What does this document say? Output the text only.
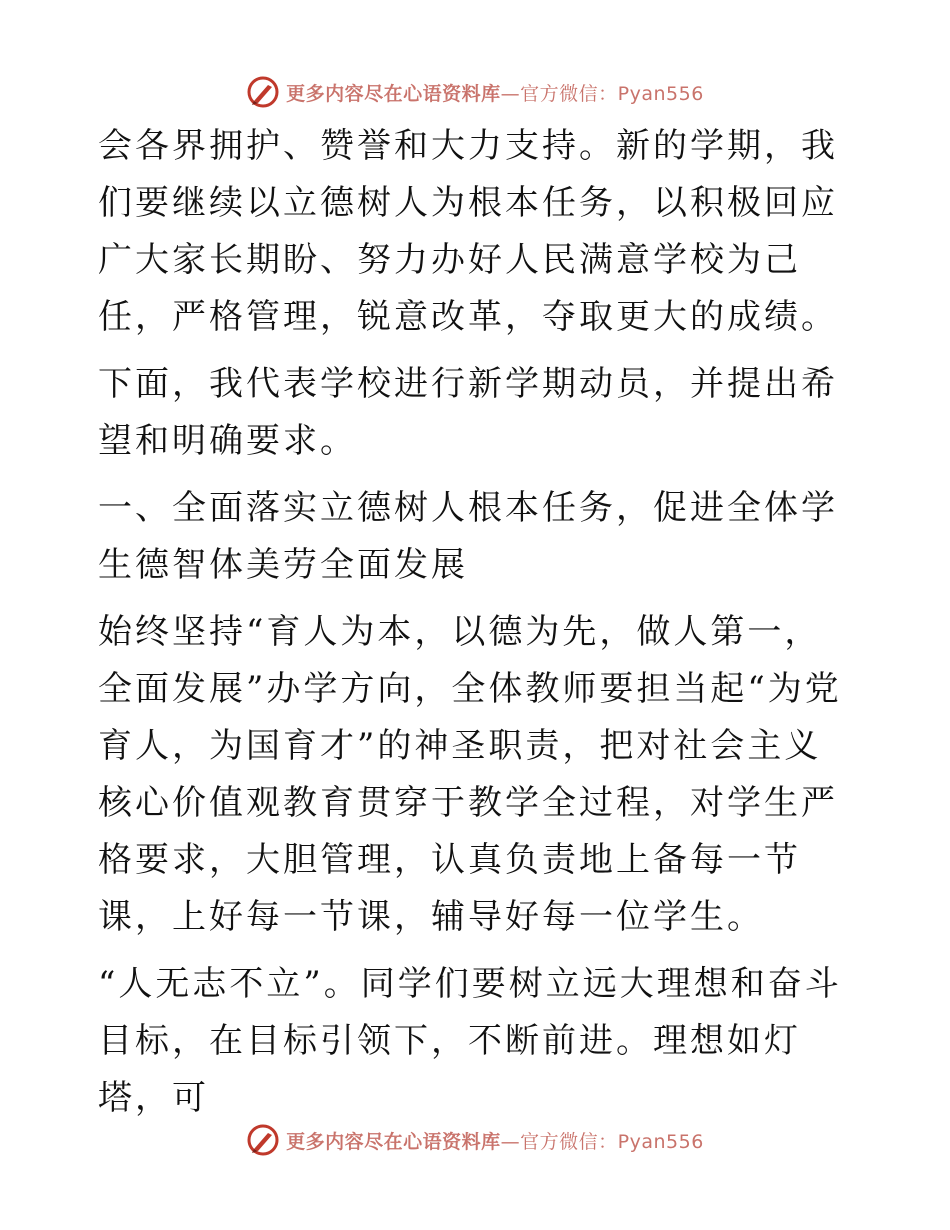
更多内容尽在心语资料库—官方微信：Pyan556

会各界拥护、赞誉和大力支持。新的学期，我们要继续以立德树人为根本任务，以积极回应广大家长期盼、努力办好人民满意学校为己任，严格管理，锐意改革，夺取更大的成绩。

下面，我代表学校进行新学期动员，并提出希望和明确要求。

一、全面落实立德树人根本任务，促进全体学生德智体美劳全面发展

始终坚持“育人为本，以德为先，做人第一，全面发展”办学方向，全体教师要担当起“为党育人，为国育才”的神圣职责，把对社会主义核心价值观教育贯穿于教学全过程，对学生严格要求，大胆管理，认真负责地上备每一节课，上好每一节课，辅导好每一位学生。

“人无志不立”。同学们要树立远大理想和奋斗目标，在目标引领下，不断前进。理想如灯塔，可

更多内容尽在心语资料库—官方微信：Pyan556
